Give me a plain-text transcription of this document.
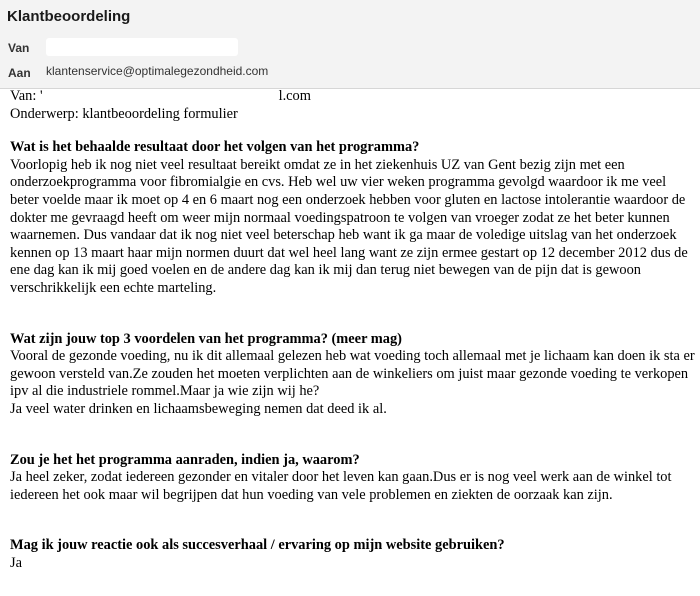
Klantbeoordeling
Van
Aan klantenservice@optimalegezondheid.com
Van: '	l.com
Onderwerp: klantbeoordeling formulier

Wat is het behaalde resultaat door het volgen van het programma?

Voorlopig heb ik nog niet veel resultaat bereikt omdat ze in het ziekenhuis UZ van Gent bezig zijn met een

onderzoekprogramma voor fibromialgie en cvs. Heb wel uw vier weken programma gevolgd waardoor ik me veel

beter voelde maar ik moet op 4 en 6 maart nog een onderzoek hebben voor gluten en lactose intolerantie waardoor de

dokter me gevraagd heeft om weer mijn normaal voedingspatroon te volgen van vroeger zodat ze het beter kunnen

waarnemen. Dus vandaar dat ik nog niet veel beterschap heb want ik ga maar de voledige uitslag van het onderzoek

kennen op 13 maart haar mijn normen duurt dat wel heel lang want ze zijn ermee gestart op 12 december 2012 dus de

ene dag kan ik mij goed voelen en de andere dag kan ik mij dan terug niet bewegen van de pijn dat is gewoon

verschrikkelijk een echte marteling.

Wat zijn jouw top 3 voordelen van het programma? (meer mag)

Vooral de gezonde voeding, nu ik dit allemaal gelezen heb wat voeding toch allemaal met je lichaam kan doen ik sta er

gewoon versteld van.Ze zouden het moeten verplichten aan de winkeliers om juist maar gezonde voeding te verkopen

ipv al die industriele rommel.Maar ja wie zijn wij he?

Ja veel water drinken en lichaamsbeweging nemen dat deed ik al.

Zou je het het programma aanraden, indien ja, waarom?

Ja heel zeker, zodat iedereen gezonder en vitaler door het leven kan gaan.Dus er is nog veel werk aan de winkel tot

iedereen het ook maar wil begrijpen dat hun voeding van vele problemen en ziekten de oorzaak kan zijn.

Mag ik jouw reactie ook als succesverhaal / ervaring op mijn website gebruiken?

Ja
